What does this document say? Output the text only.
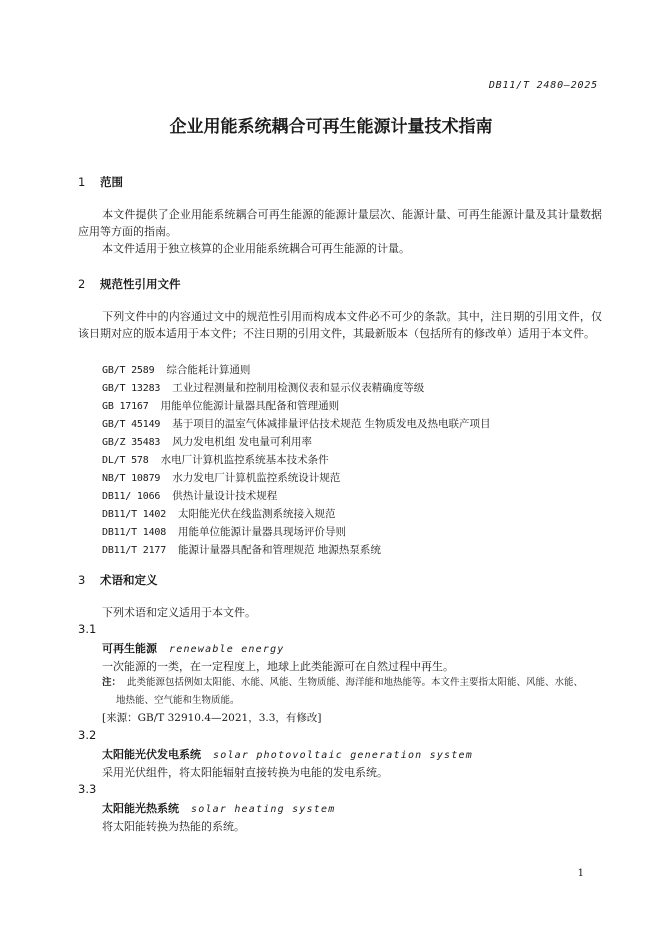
DB11/T 2480—2025
企业用能系统耦合可再生能源计量技术指南
1 范围
本文件提供了企业用能系统耦合可再生能源的能源计量层次、能源计量、可再生能源计量及其计量数据应用等方面的指南。
本文件适用于独立核算的企业用能系统耦合可再生能源的计量。
2 规范性引用文件
下列文件中的内容通过文中的规范性引用而构成本文件必不可少的条款。其中，注日期的引用文件，仅该日期对应的版本适用于本文件；不注日期的引用文件，其最新版本（包括所有的修改单）适用于本文件。
GB/T 2589 综合能耗计算通则
GB/T 13283 工业过程测量和控制用检测仪表和显示仪表精确度等级
GB 17167 用能单位能源计量器具配备和管理通则
GB/T 45149 基于项目的温室气体减排量评估技术规范 生物质发电及热电联产项目
GB/Z 35483 风力发电机组 发电量可利用率
DL/T 578 水电厂计算机监控系统基本技术条件
NB/T 10879 水力发电厂计算机监控系统设计规范
DB11/ 1066 供热计量设计技术规程
DB11/T 1402 太阳能光伏在线监测系统接入规范
DB11/T 1408 用能单位能源计量器具现场评价导则
DB11/T 2177 能源计量器具配备和管理规范 地源热泵系统
3 术语和定义
下列术语和定义适用于本文件。
3.1
可再生能源 renewable energy
一次能源的一类，在一定程度上，地球上此类能源可在自然过程中再生。
注： 此类能源包括例如太阳能、水能、风能、生物质能、海洋能和地热能等。本文件主要指太阳能、风能、水能、
地热能、空气能和生物质能。
[来源：GB/T 32910.4—2021，3.3，有修改]
3.2
太阳能光伏发电系统 solar photovoltaic generation system
采用光伏组件，将太阳能辐射直接转换为电能的发电系统。
3.3
太阳能光热系统 solar heating system
将太阳能转换为热能的系统。
1
